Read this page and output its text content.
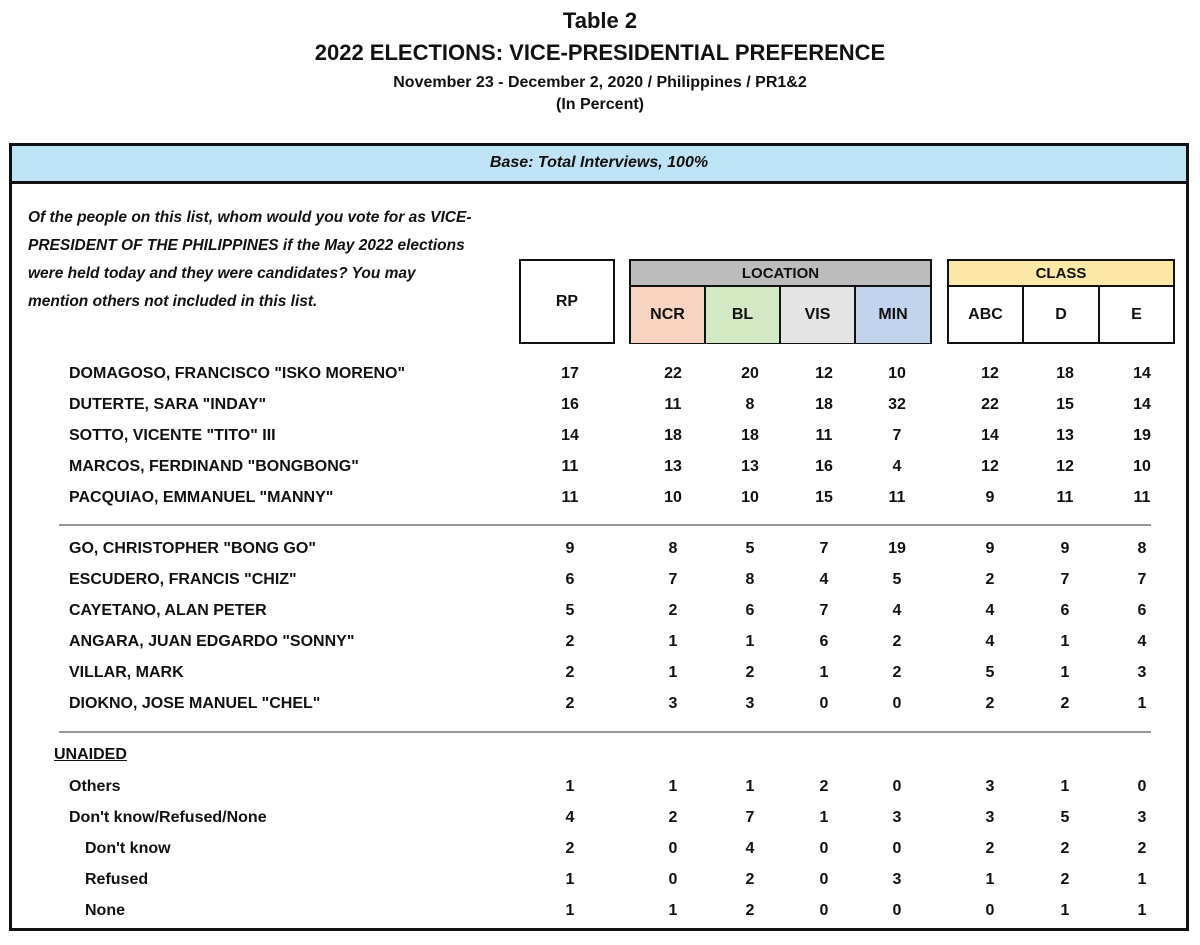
Table 2
2022 ELECTIONS: VICE-PRESIDENTIAL PREFERENCE
November 23 - December 2, 2020 / Philippines / PR1&2
(In Percent)
Base: Total Interviews, 100%

Of the people on this list, whom would you vote for as VICE-PRESIDENT OF THE PHILIPPINES if the May 2022 elections were held today and they were candidates? You may mention others not included in this list.	RP
LOCATION
NCR	BL	VIS	MIN
CLASS
ABC	D	E
DOMAGOSO, FRANCISCO "ISKO MORENO"	17	22	20	12	10	12	18	14
DUTERTE, SARA "INDAY"	16	11	8	18	32	22	15	14
SOTTO, VICENTE "TITO" III	14	18	18	11	7	14	13	19
MARCOS, FERDINAND "BONGBONG"	11	13	13	16	4	12	12	10
PACQUIAO, EMMANUEL "MANNY"	11	10	10	15	11	9	11	11
GO, CHRISTOPHER "BONG GO"	9	8	5	7	19	9	9	8
ESCUDERO, FRANCIS "CHIZ"	6	7	8	4	5	2	7	7
CAYETANO, ALAN PETER	5	2	6	7	4	4	6	6
ANGARA, JUAN EDGARDO "SONNY"	2	1	1	6	2	4	1	4
VILLAR, MARK	2	1	2	1	2	5	1	3
DIOKNO, JOSE MANUEL "CHEL"	2	3	3	0	0	2	2	1
UNAIDED
Others	1	1	1	2	0	3	1	0
Don't know/Refused/None	4	2	7	1	3	3	5	3
Don't know	2	0	4	0	0	2	2	2
Refused	1	0	2	0	3	1	2	1
None	1	1	2	0	0	0	1	1
